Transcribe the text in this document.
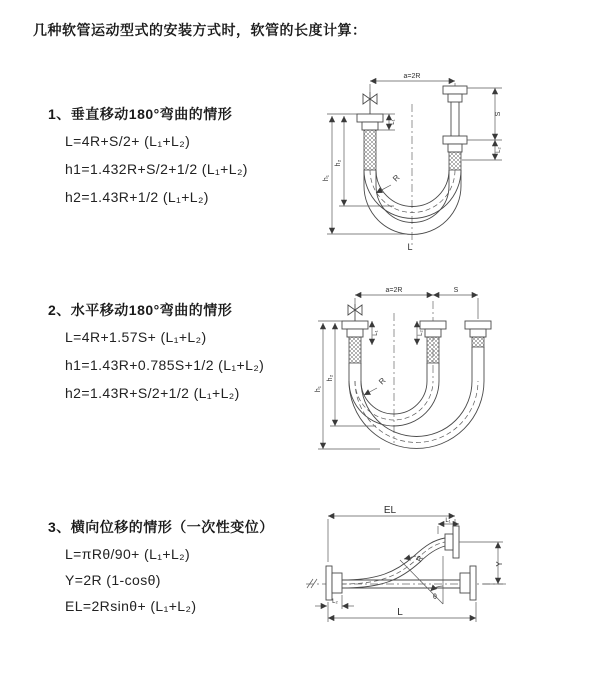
几种软管运动型式的安装方式时，软管的长度计算：
1、垂直移动180°弯曲的情形
L=4R+S/2+ (L₁+L₂)
h1=1.432R+S/2+1/2 (L₁+L₂)
h2=1.43R+1/2 (L₁+L₂)
2、水平移动180°弯曲的情形
L=4R+1.57S+ (L₁+L₂)
h1=1.43R+0.785S+1/2 (L₁+L₂)
h2=1.43R+S/2+1/2 (L₁+L₂)
3、横向位移的情形（一次性变位）
L=πRθ/90+ (L₁+L₂)
Y=2R (1-cosθ)
EL=2Rsinθ+ (L₁+L₂)
a=2R
h₁
h₂
L₁
S
L₂
R
L
a=2R	S
h₁
h₂
L₁	L₂
R
EL
L₁
R
θ
Y
L₂
L
